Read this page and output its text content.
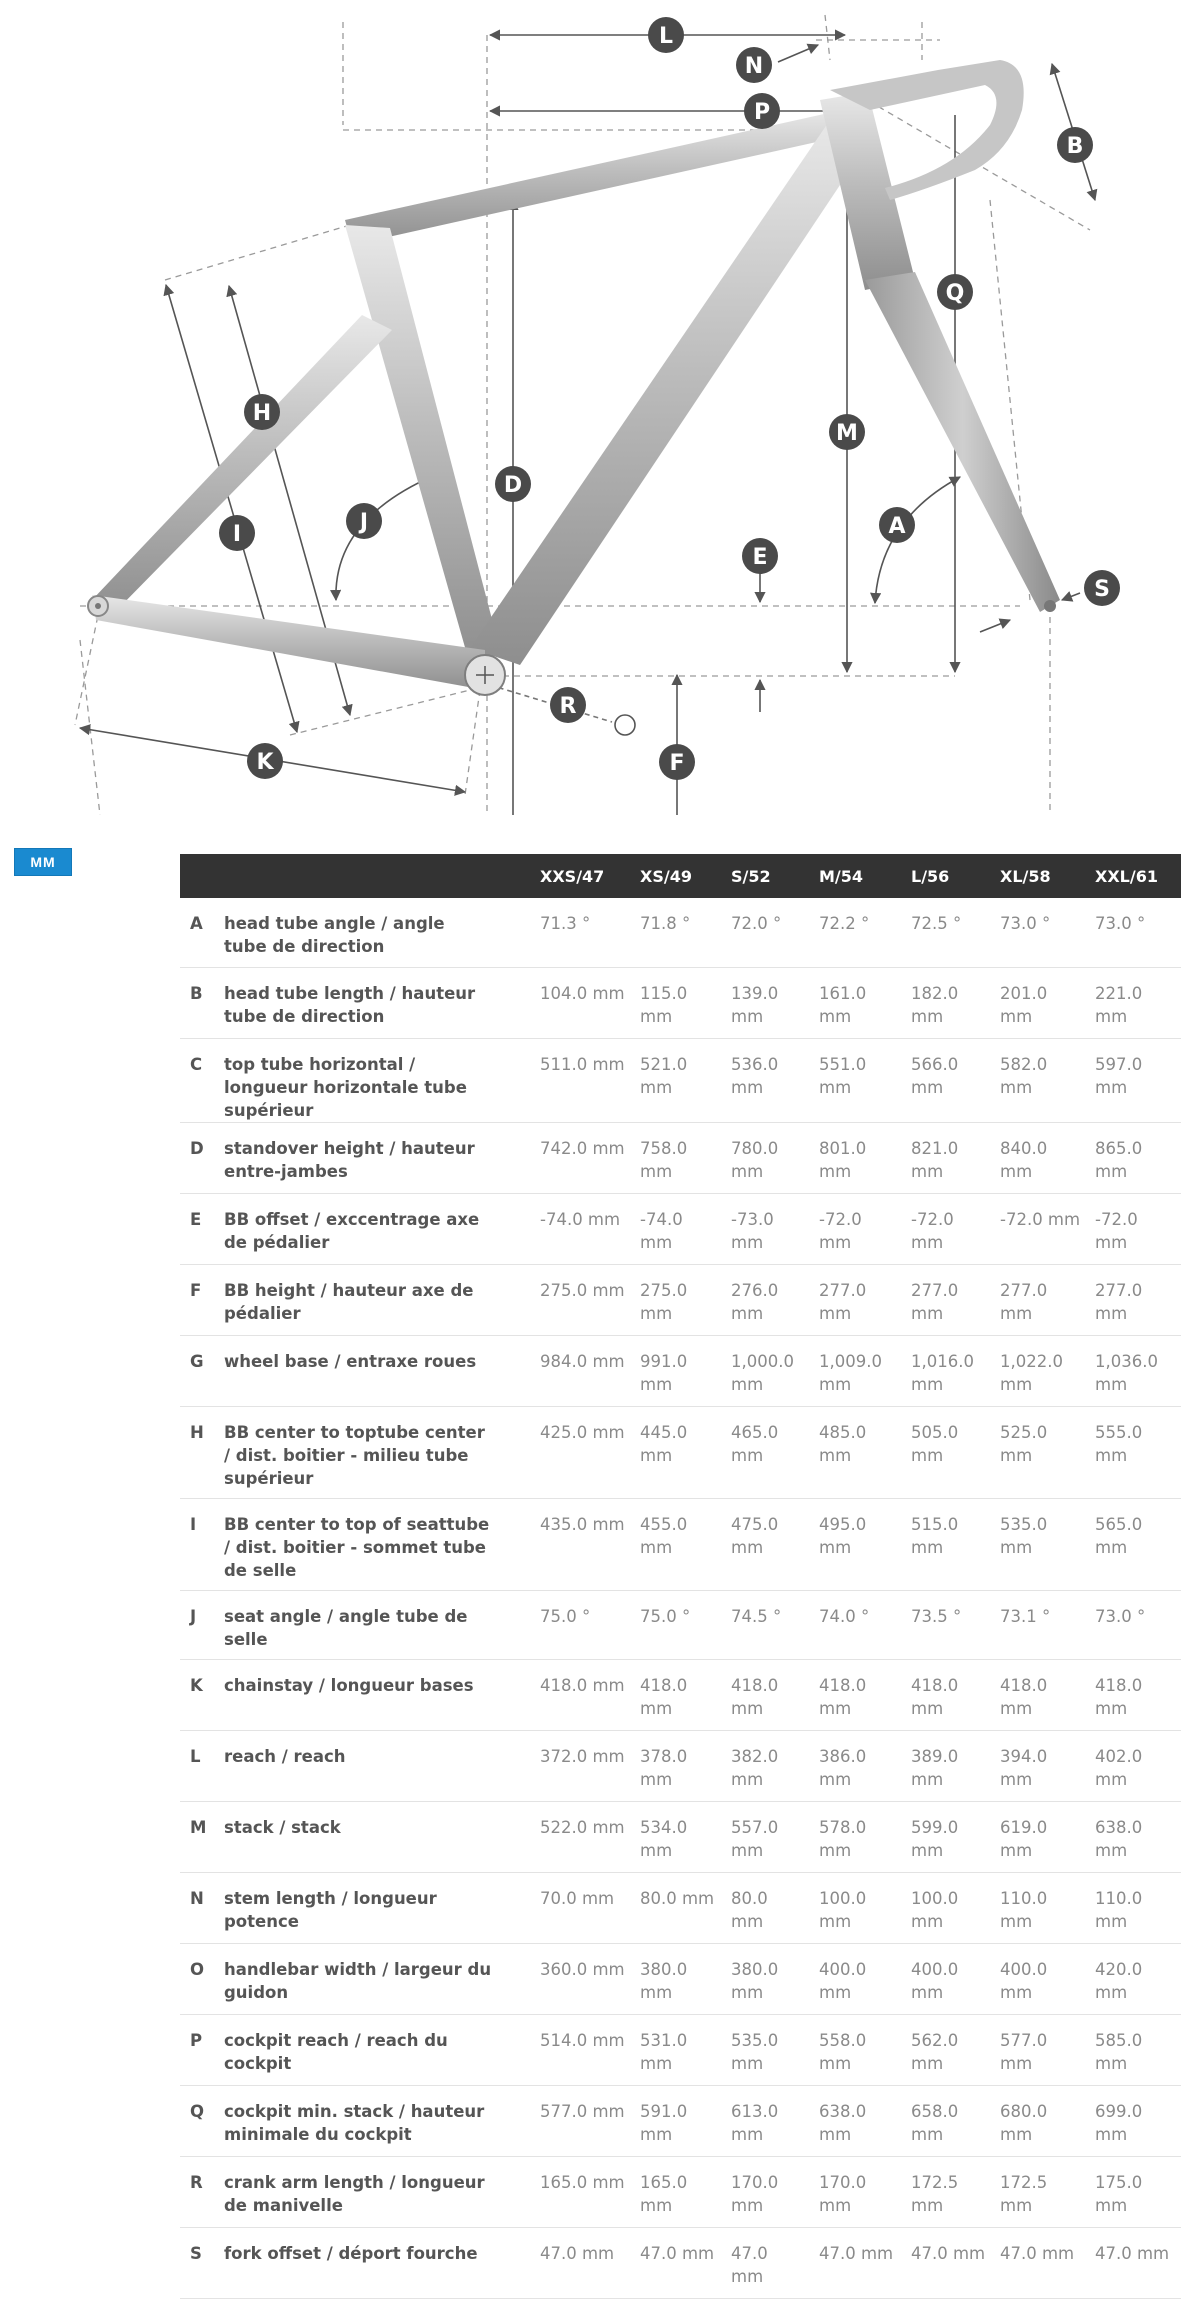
L
N
P
B
Q
M
H
I	J
D
E
A
S
R
F
K
MM
		XXS/47	XS/49	S/52	M/54	L/56	XL/58	XXL/61
A	head tube angle / angle tube de direction	71.3 °	71.8 °	72.0 °	72.2 °	72.5 °	73.0 °	73.0 °
B	head tube length / hauteur tube de direction	104.0 mm	115.0 mm	139.0 mm	161.0 mm	182.0 mm	201.0 mm	221.0 mm
C	top tube horizontal / longueur horizontale tube supérieur	511.0 mm	521.0 mm	536.0 mm	551.0 mm	566.0 mm	582.0 mm	597.0 mm
D	standover height / hauteur entre-jambes	742.0 mm	758.0 mm	780.0 mm	801.0 mm	821.0 mm	840.0 mm	865.0 mm
E	BB offset / exccentrage axe de pédalier	-74.0 mm	-74.0 mm	-73.0 mm	-72.0 mm	-72.0 mm	-72.0 mm	-72.0 mm
F	BB height / hauteur axe de pédalier	275.0 mm	275.0 mm	276.0 mm	277.0 mm	277.0 mm	277.0 mm	277.0 mm
G	wheel base / entraxe roues	984.0 mm	991.0 mm	1,000.0 mm	1,009.0 mm	1,016.0 mm	1,022.0 mm	1,036.0 mm
H	BB center to toptube center / dist. boitier - milieu tube supérieur	425.0 mm	445.0 mm	465.0 mm	485.0 mm	505.0 mm	525.0 mm	555.0 mm
I	BB center to top of seattube / dist. boitier - sommet tube de selle	435.0 mm	455.0 mm	475.0 mm	495.0 mm	515.0 mm	535.0 mm	565.0 mm
J	seat angle / angle tube de selle	75.0 °	75.0 °	74.5 °	74.0 °	73.5 °	73.1 °	73.0 °
K	chainstay / longueur bases	418.0 mm	418.0 mm	418.0 mm	418.0 mm	418.0 mm	418.0 mm	418.0 mm
L	reach / reach	372.0 mm	378.0 mm	382.0 mm	386.0 mm	389.0 mm	394.0 mm	402.0 mm
M	stack / stack	522.0 mm	534.0 mm	557.0 mm	578.0 mm	599.0 mm	619.0 mm	638.0 mm
N	stem length / longueur potence	70.0 mm	80.0 mm	80.0 mm	100.0 mm	100.0 mm	110.0 mm	110.0 mm
O	handlebar width / largeur du guidon	360.0 mm	380.0 mm	380.0 mm	400.0 mm	400.0 mm	400.0 mm	420.0 mm
P	cockpit reach / reach du cockpit	514.0 mm	531.0 mm	535.0 mm	558.0 mm	562.0 mm	577.0 mm	585.0 mm
Q	cockpit min. stack / hauteur minimale du cockpit	577.0 mm	591.0 mm	613.0 mm	638.0 mm	658.0 mm	680.0 mm	699.0 mm
R	crank arm length / longueur de manivelle	165.0 mm	165.0 mm	170.0 mm	170.0 mm	172.5 mm	172.5 mm	175.0 mm
S	fork offset / déport fourche	47.0 mm	47.0 mm	47.0 mm	47.0 mm	47.0 mm	47.0 mm	47.0 mm
